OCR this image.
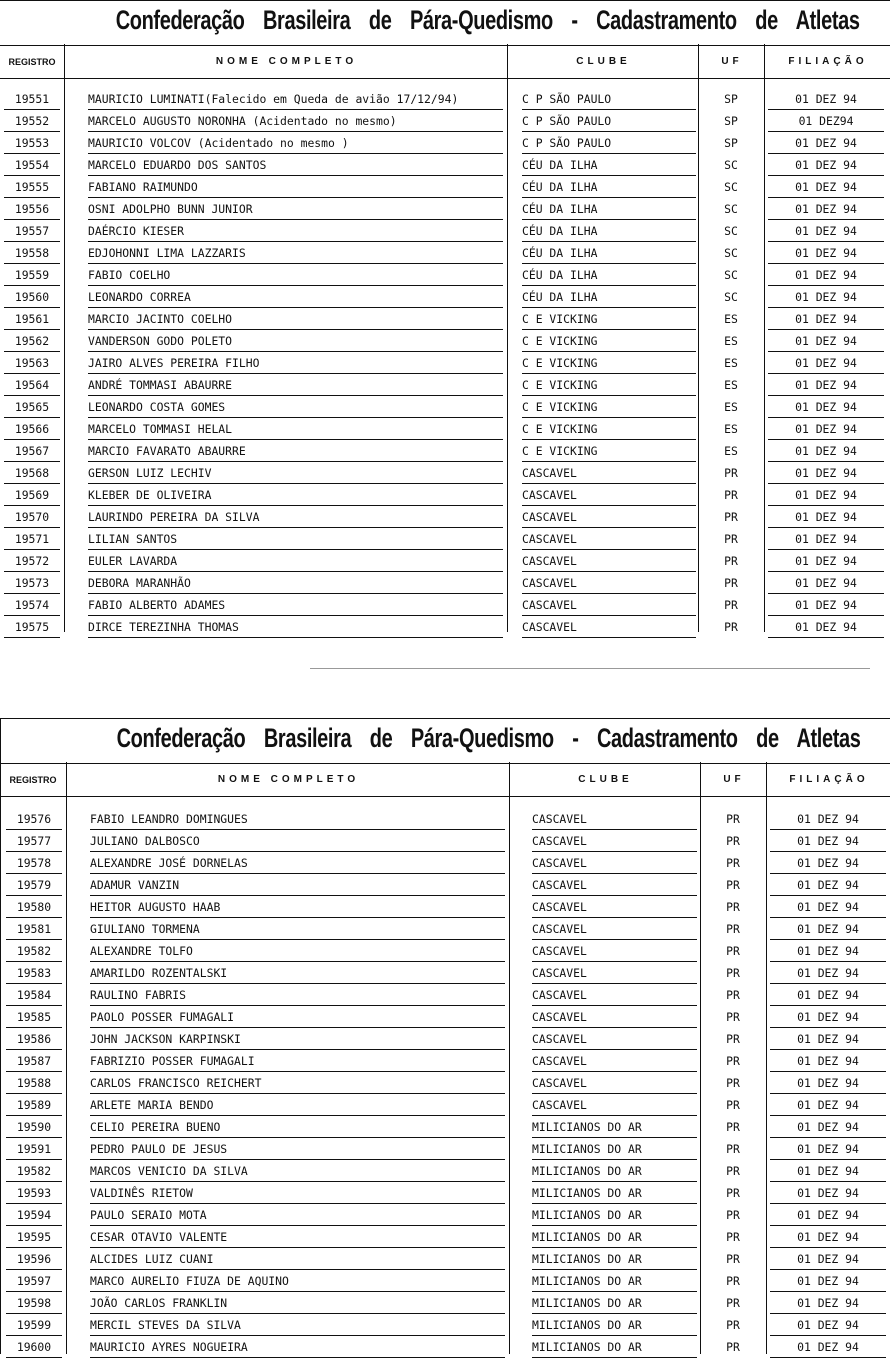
Confederação Brasileira de Pára-Quedismo - Cadastramento de Atletas
REGISTRO	NOME COMPLETO	CLUBE	UF	FILIAÇÃO
19551	MAURICIO LUMINATI(Falecido em Queda de avião 17/12/94)	C P SÃO PAULO	SP	01 DEZ 94
19552	MARCELO AUGUSTO NORONHA (Acidentado no mesmo)	C P SÃO PAULO	SP	01 DEZ94
19553	MAURICIO VOLCOV (Acidentado no mesmo )	C P SÃO PAULO	SP	01 DEZ 94
19554	MARCELO EDUARDO DOS SANTOS	CÉU DA ILHA	SC	01 DEZ 94
19555	FABIANO RAIMUNDO	CÉU DA ILHA	SC	01 DEZ 94
19556	OSNI ADOLPHO BUNN JUNIOR	CÉU DA ILHA	SC	01 DEZ 94
19557	DAÉRCIO KIESER	CÉU DA ILHA	SC	01 DEZ 94
19558	EDJOHONNI LIMA LAZZARIS	CÉU DA ILHA	SC	01 DEZ 94
19559	FABIO COELHO	CÉU DA ILHA	SC	01 DEZ 94
19560	LEONARDO CORREA	CÉU DA ILHA	SC	01 DEZ 94
19561	MARCIO JACINTO COELHO	C E VICKING	ES	01 DEZ 94
19562	VANDERSON GODO POLETO	C E VICKING	ES	01 DEZ 94
19563	JAIRO ALVES PEREIRA FILHO	C E VICKING	ES	01 DEZ 94
19564	ANDRÉ TOMMASI ABAURRE	C E VICKING	ES	01 DEZ 94
19565	LEONARDO COSTA GOMES	C E VICKING	ES	01 DEZ 94
19566	MARCELO TOMMASI HELAL	C E VICKING	ES	01 DEZ 94
19567	MARCIO FAVARATO ABAURRE	C E VICKING	ES	01 DEZ 94
19568	GERSON LUIZ LECHIV	CASCAVEL	PR	01 DEZ 94
19569	KLEBER DE OLIVEIRA	CASCAVEL	PR	01 DEZ 94
19570	LAURINDO PEREIRA DA SILVA	CASCAVEL	PR	01 DEZ 94
19571	LILIAN SANTOS	CASCAVEL	PR	01 DEZ 94
19572	EULER LAVARDA	CASCAVEL	PR	01 DEZ 94
19573	DEBORA MARANHÃO	CASCAVEL	PR	01 DEZ 94
19574	FABIO ALBERTO ADAMES	CASCAVEL	PR	01 DEZ 94
19575	DIRCE TEREZINHA THOMAS	CASCAVEL	PR	01 DEZ 94
Confederação Brasileira de Pára-Quedismo - Cadastramento de Atletas
REGISTRO	NOME COMPLETO	CLUBE	UF	FILIAÇÃO
19576	FABIO LEANDRO DOMINGUES	CASCAVEL	PR	01 DEZ 94
19577	JULIANO DALBOSCO	CASCAVEL	PR	01 DEZ 94
19578	ALEXANDRE JOSÉ DORNELAS	CASCAVEL	PR	01 DEZ 94
19579	ADAMUR VANZIN	CASCAVEL	PR	01 DEZ 94
19580	HEITOR AUGUSTO HAAB	CASCAVEL	PR	01 DEZ 94
19581	GIULIANO TORMENA	CASCAVEL	PR	01 DEZ 94
19582	ALEXANDRE TOLFO	CASCAVEL	PR	01 DEZ 94
19583	AMARILDO ROZENTALSKI	CASCAVEL	PR	01 DEZ 94
19584	RAULINO FABRIS	CASCAVEL	PR	01 DEZ 94
19585	PAOLO POSSER FUMAGALI	CASCAVEL	PR	01 DEZ 94
19586	JOHN JACKSON KARPINSKI	CASCAVEL	PR	01 DEZ 94
19587	FABRIZIO POSSER FUMAGALI	CASCAVEL	PR	01 DEZ 94
19588	CARLOS FRANCISCO REICHERT	CASCAVEL	PR	01 DEZ 94
19589	ARLETE MARIA BENDO	CASCAVEL	PR	01 DEZ 94
19590	CELIO PEREIRA BUENO	MILICIANOS DO AR	PR	01 DEZ 94
19591	PEDRO PAULO DE JESUS	MILICIANOS DO AR	PR	01 DEZ 94
19582	MARCOS VENICIO DA SILVA	MILICIANOS DO AR	PR	01 DEZ 94
19593	VALDINÊS RIETOW	MILICIANOS DO AR	PR	01 DEZ 94
19594	PAULO SERAIO MOTA	MILICIANOS DO AR	PR	01 DEZ 94
19595	CESAR OTAVIO VALENTE	MILICIANOS DO AR	PR	01 DEZ 94
19596	ALCIDES LUIZ CUANI	MILICIANOS DO AR	PR	01 DEZ 94
19597	MARCO AURELIO FIUZA DE AQUINO	MILICIANOS DO AR	PR	01 DEZ 94
19598	JOÃO CARLOS FRANKLIN	MILICIANOS DO AR	PR	01 DEZ 94
19599	MERCIL STEVES DA SILVA	MILICIANOS DO AR	PR	01 DEZ 94
19600	MAURICIO AYRES NOGUEIRA	MILICIANOS DO AR	PR	01 DEZ 94
